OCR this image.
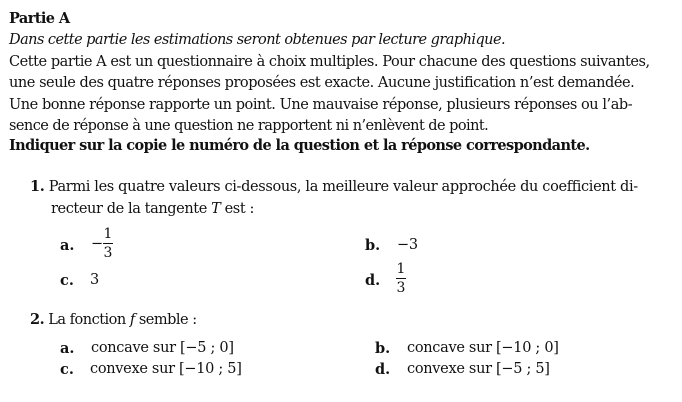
Partie A
Dans cette partie les estimations seront obtenues par lecture graphique.
Cette partie A est un questionnaire à choix multiples. Pour chacune des questions suivantes,
une seule des quatre réponses proposées est exacte. Aucune justification n’est demandée.
Une bonne réponse rapporte un point. Une mauvaise réponse, plusieurs réponses ou l’ab-
sence de réponse à une question ne rapportent ni n’enlèvent de point.
Indiquer sur la copie le numéro de la question et la réponse correspondante.
1. Parmi les quatre valeurs ci-dessous, la meilleure valeur approchée du coefficient di-
recteur de la tangente T est :
a. −
1
3	b. −3
c. 3	d.
1
3
2. La fonction f semble :
a. concave sur [−5 ; 0]	b. concave sur [−10 ; 0]
c. convexe sur [−10 ; 5]	d. convexe sur [−5 ; 5]
